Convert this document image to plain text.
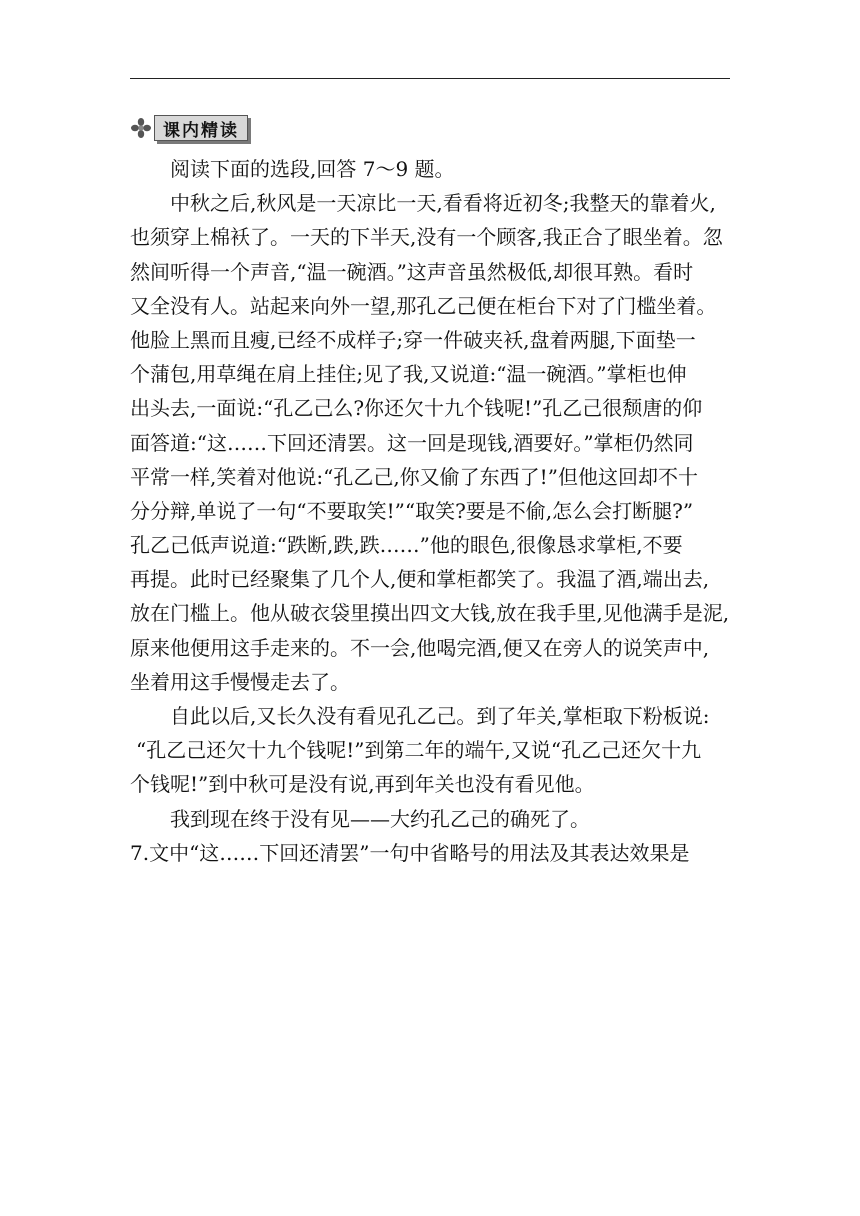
课内精读
阅读下面的选段,回答 7～9 题。
中秋之后,秋风是一天凉比一天,看看将近初冬;我整天的靠着火,
也须穿上棉袄了。一天的下半天,没有一个顾客,我正合了眼坐着。忽
然间听得一个声音,“温一碗酒。”这声音虽然极低,却很耳熟。看时
又全没有人。站起来向外一望,那孔乙己便在柜台下对了门槛坐着。
他脸上黑而且瘦,已经不成样子;穿一件破夹袄,盘着两腿,下面垫一
个蒲包,用草绳在肩上挂住;见了我,又说道:“温一碗酒。”掌柜也伸
出头去,一面说:“孔乙己么?你还欠十九个钱呢!”孔乙己很颓唐的仰
面答道:“这……下回还清罢。这一回是现钱,酒要好。”掌柜仍然同
平常一样,笑着对他说:“孔乙己,你又偷了东西了!”但他这回却不十
分分辩,单说了一句“不要取笑!”“取笑?要是不偷,怎么会打断腿?”
孔乙己低声说道:“跌断,跌,跌……”他的眼色,很像恳求掌柜,不要
再提。此时已经聚集了几个人,便和掌柜都笑了。我温了酒,端出去,
放在门槛上。他从破衣袋里摸出四文大钱,放在我手里,见他满手是泥,
原来他便用这手走来的。不一会,他喝完酒,便又在旁人的说笑声中,
坐着用这手慢慢走去了。
自此以后,又长久没有看见孔乙己。到了年关,掌柜取下粉板说:
“孔乙己还欠十九个钱呢!”到第二年的端午,又说“孔乙己还欠十九
个钱呢!”到中秋可是没有说,再到年关也没有看见他。
我到现在终于没有见——大约孔乙己的确死了。
7.文中“这……下回还清罢”一句中省略号的用法及其表达效果是
